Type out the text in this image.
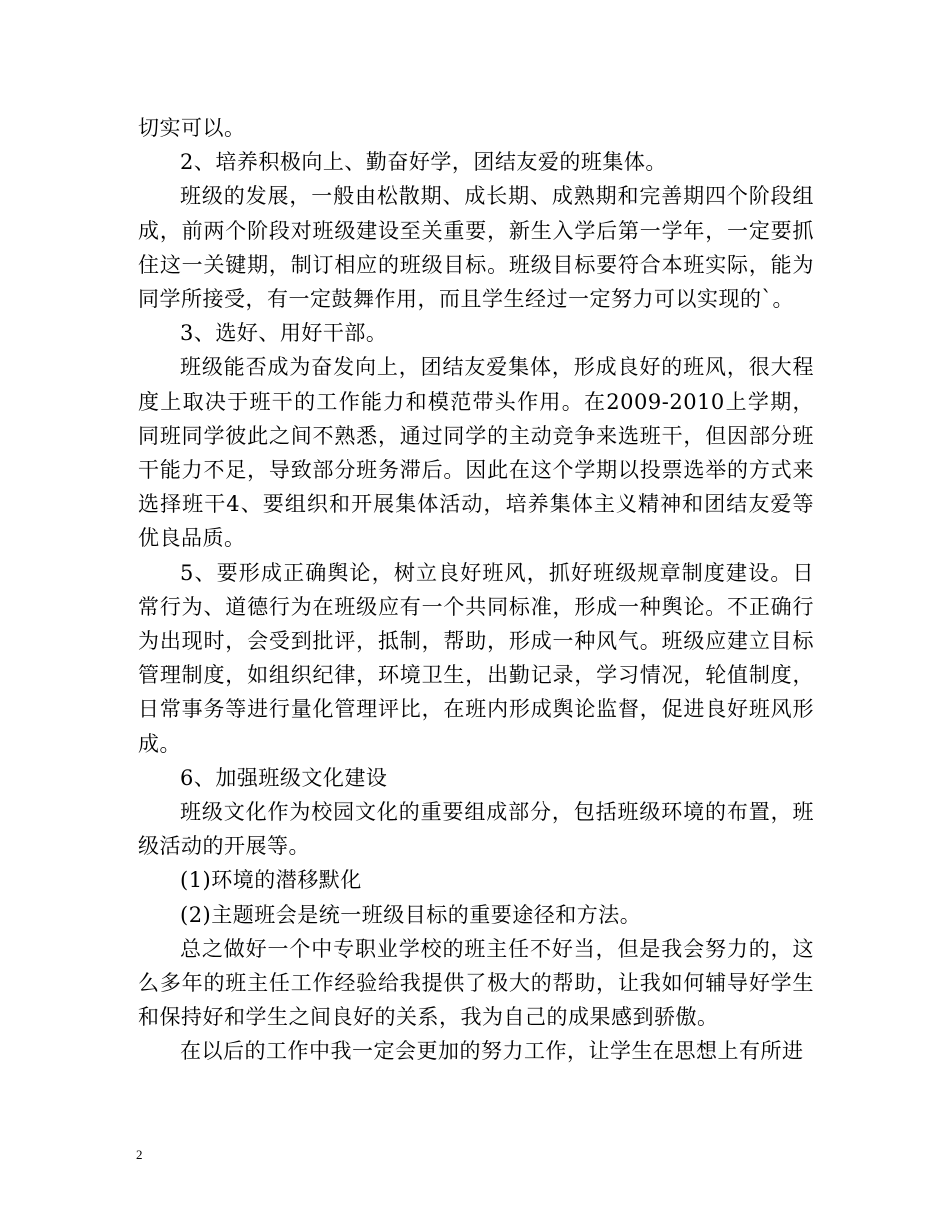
切实可以。

2、培养积极向上、勤奋好学，团结友爱的班集体。

班级的发展，一般由松散期、成长期、成熟期和完善期四个阶段组成，前两个阶段对班级建设至关重要，新生入学后第一学年，一定要抓住这一关键期，制订相应的班级目标。班级目标要符合本班实际，能为同学所接受，有一定鼓舞作用，而且学生经过一定努力可以实现的`。

3、选好、用好干部。

班级能否成为奋发向上，团结友爱集体，形成良好的班风，很大程度上取决于班干的工作能力和模范带头作用。在2009-2010上学期，同班同学彼此之间不熟悉，通过同学的主动竞争来选班干，但因部分班干能力不足，导致部分班务滞后。因此在这个学期以投票选举的方式来选择班干4、要组织和开展集体活动，培养集体主义精神和团结友爱等优良品质。

5、要形成正确舆论，树立良好班风，抓好班级规章制度建设。日常行为、道德行为在班级应有一个共同标准，形成一种舆论。不正确行为出现时，会受到批评，抵制，帮助，形成一种风气。班级应建立目标管理制度，如组织纪律，环境卫生，出勤记录，学习情况，轮值制度，日常事务等进行量化管理评比，在班内形成舆论监督，促进良好班风形成。

6、加强班级文化建设

班级文化作为校园文化的重要组成部分，包括班级环境的布置，班级活动的开展等。

(1)环境的潜移默化

(2)主题班会是统一班级目标的重要途径和方法。

总之做好一个中专职业学校的班主任不好当，但是我会努力的，这么多年的班主任工作经验给我提供了极大的帮助，让我如何辅导好学生和保持好和学生之间良好的关系，我为自己的成果感到骄傲。

在以后的工作中我一定会更加的努力工作，让学生在思想上有所进

2
